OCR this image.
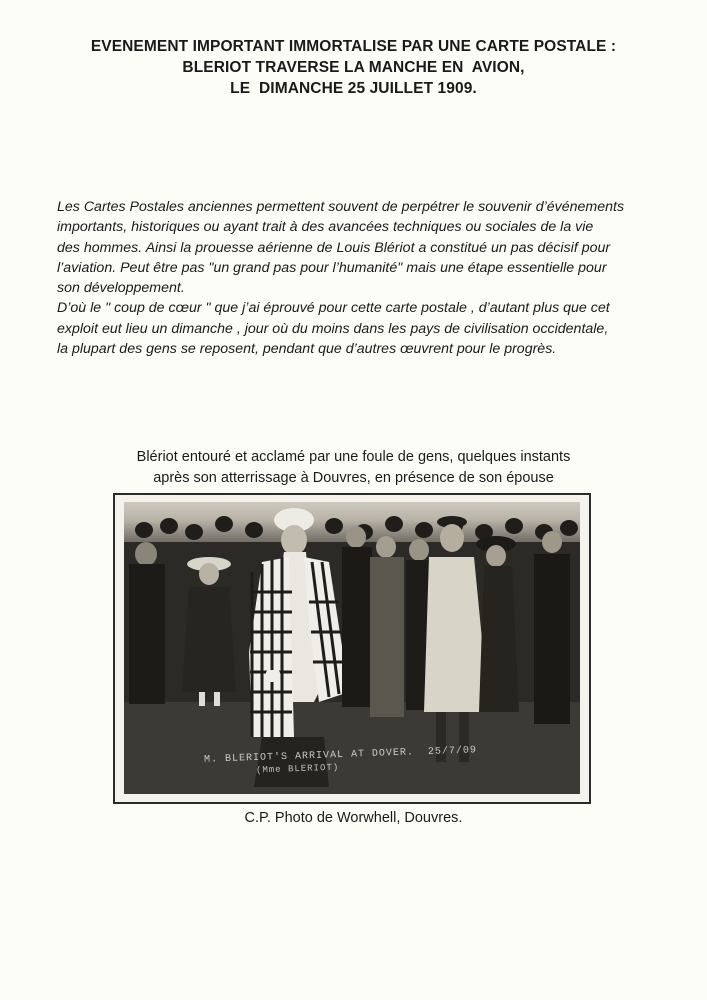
EVENEMENT IMPORTANT IMMORTALISE PAR UNE CARTE POSTALE :
BLERIOT TRAVERSE LA MANCHE EN  AVION,
LE  DIMANCHE 25 JUILLET 1909.

Les Cartes Postales anciennes permettent souvent de perpétrer le souvenir d’événements

importants, historiques ou ayant trait à des avancées techniques ou sociales de la vie

des hommes. Ainsi la prouesse aérienne de Louis Blériot a constitué un pas décisif pour

l’aviation. Peut être pas "un grand pas pour l’humanité" mais une étape essentielle pour

son développement.

D’où le " coup de cœur " que j’ai éprouvé pour cette carte postale , d’autant plus que cet

exploit eut lieu un dimanche , jour où du moins dans les pays de civilisation occidentale,

la plupart des gens se reposent, pendant que d’autres œuvrent pour le progrès.

Blériot entouré et acclamé par une foule de gens, quelques instants
après son atterrissage à Douvres, en présence de son épouse
M. BLERIOT'S ARRIVAL AT DOVER.  25/7/09
(Mme BLERIOT)
C.P. Photo de Worwhell, Douvres.
